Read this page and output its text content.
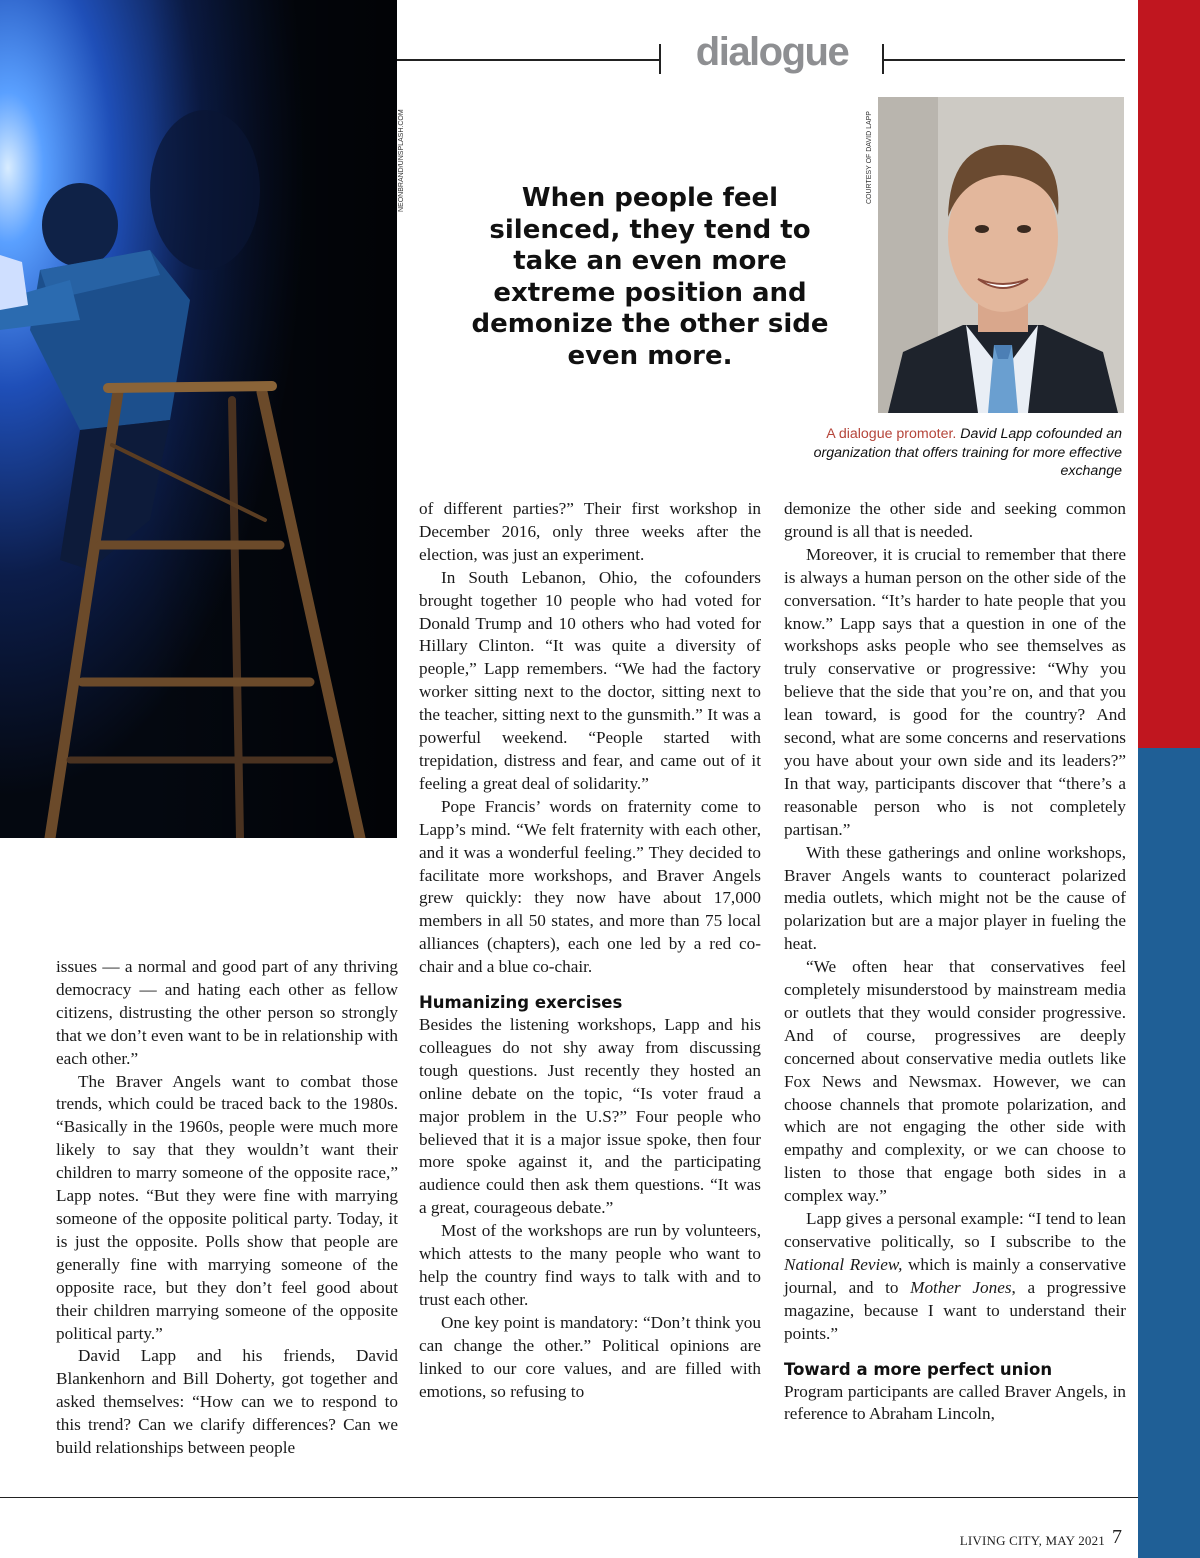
dialogue
NEONBRAND/UNSPLASH.COM	When people feel silenced, they tend to take an even more extreme position and demonize the other side even more.
COURTESY OF DAVID LAPP
A dialogue promoter. David Lapp cofounded an organization that offers training for more effective exchange

issues — a normal and good part of any thriving democracy — and hating each other as fellow citizens, distrusting the other person so strongly that we don’t even want to be in relationship with each other.”

The Braver Angels want to combat those trends, which could be traced back to the 1980s. “Basically in the 1960s, people were much more likely to say that they wouldn’t want their children to marry someone of the opposite race,” Lapp notes. “But they were fine with marrying someone of the opposite political party. Today, it is just the opposite. Polls show that people are generally fine with marrying someone of the opposite race, but they don’t feel good about their children marrying someone of the opposite political party.”

David Lapp and his friends, David Blankenhorn and Bill Doherty, got together and asked themselves: “How can we to respond to this trend? Can we clarify differences? Can we build relationships between people

of different parties?” Their first workshop in December 2016, only three weeks after the election, was just an experiment.

In South Lebanon, Ohio, the cofounders brought together 10 people who had voted for Donald Trump and 10 others who had voted for Hillary Clinton. “It was quite a diversity of people,” Lapp remembers. “We had the factory worker sitting next to the doctor, sitting next to the teacher, sitting next to the gunsmith.” It was a powerful weekend. “People started with trepidation, distress and fear, and came out of it feeling a great deal of solidarity.”

Pope Francis’ words on fraternity come to Lapp’s mind. “We felt fraternity with each other, and it was a wonderful feeling.” They decided to facilitate more workshops, and Braver Angels grew quickly: they now have about 17,000 members in all 50 states, and more than 75 local alliances (chapters), each one led by a red co-chair and a blue co-chair.

Humanizing exercises

Besides the listening workshops, Lapp and his colleagues do not shy away from discussing tough questions. Just recently they hosted an online debate on the topic, “Is voter fraud a major problem in the U.S?” Four people who believed that it is a major issue spoke, then four more spoke against it, and the participating audience could then ask them questions. “It was a great, courageous debate.”

Most of the workshops are run by volunteers, which attests to the many people who want to help the country find ways to talk with and to trust each other.

One key point is mandatory: “Don’t think you can change the other.” Political opinions are linked to our core values, and are filled with emotions, so refusing to

demonize the other side and seeking common ground is all that is needed.

Moreover, it is crucial to remember that there is always a human person on the other side of the conversation. “It’s harder to hate people that you know.” Lapp says that a question in one of the workshops asks people who see themselves as truly conservative or progressive: “Why you believe that the side that you’re on, and that you lean toward, is good for the country? And second, what are some concerns and reservations you have about your own side and its leaders?” In that way, participants discover that “there’s a reasonable person who is not completely partisan.”

With these gatherings and online workshops, Braver Angels wants to counteract polarized media outlets, which might not be the cause of polarization but are a major player in fueling the heat.

“We often hear that conservatives feel completely misunderstood by mainstream media or outlets that they would consider progressive. And of course, progressives are deeply concerned about conservative media outlets like Fox News and Newsmax. However, we can choose channels that promote polarization, and which are not engaging the other side with empathy and complexity, or we can choose to listen to those that engage both sides in a complex way.”

Lapp gives a personal example: “I tend to lean conservative politically, so I subscribe to the National Review, which is mainly a conservative journal, and to Mother Jones, a progressive magazine, because I want to understand their points.”

Toward a more perfect union

Program participants are called Braver Angels, in reference to Abraham Lincoln,

LIVING CITY, MAY 2021 7
